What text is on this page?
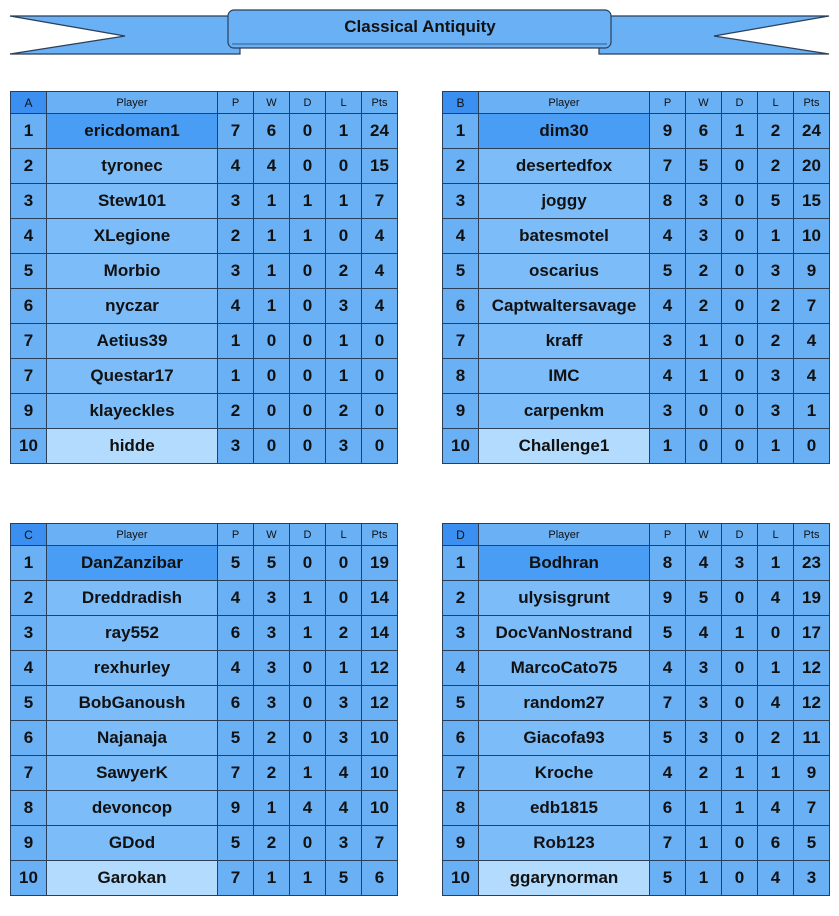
Classical Antiquity
A	Player	P	W	D	L	Pts
1	ericdoman1	7	6	0	1	24
2	tyronec	4	4	0	0	15
3	Stew101	3	1	1	1	7
4	XLegione	2	1	1	0	4
5	Morbio	3	1	0	2	4
6	nyczar	4	1	0	3	4
7	Aetius39	1	0	0	1	0
7	Questar17	1	0	0	1	0
9	klayeckles	2	0	0	2	0
10	hidde	3	0	0	3	0
B	Player	P	W	D	L	Pts
1	dim30	9	6	1	2	24
2	desertedfox	7	5	0	2	20
3	joggy	8	3	0	5	15
4	batesmotel	4	3	0	1	10
5	oscarius	5	2	0	3	9
6	Captwaltersavage	4	2	0	2	7
7	kraff	3	1	0	2	4
8	IMC	4	1	0	3	4
9	carpenkm	3	0	0	3	1
10	Challenge1	1	0	0	1	0
C	Player	P	W	D	L	Pts
1	DanZanzibar	5	5	0	0	19
2	Dreddradish	4	3	1	0	14
3	ray552	6	3	1	2	14
4	rexhurley	4	3	0	1	12
5	BobGanoush	6	3	0	3	12
6	Najanaja	5	2	0	3	10
7	SawyerK	7	2	1	4	10
8	devoncop	9	1	4	4	10
9	GDod	5	2	0	3	7
10	Garokan	7	1	1	5	6
D	Player	P	W	D	L	Pts
1	Bodhran	8	4	3	1	23
2	ulysisgrunt	9	5	0	4	19
3	DocVanNostrand	5	4	1	0	17
4	MarcoCato75	4	3	0	1	12
5	random27	7	3	0	4	12
6	Giacofa93	5	3	0	2	11
7	Kroche	4	2	1	1	9
8	edb1815	6	1	1	4	7
9	Rob123	7	1	0	6	5
10	ggarynorman	5	1	0	4	3
